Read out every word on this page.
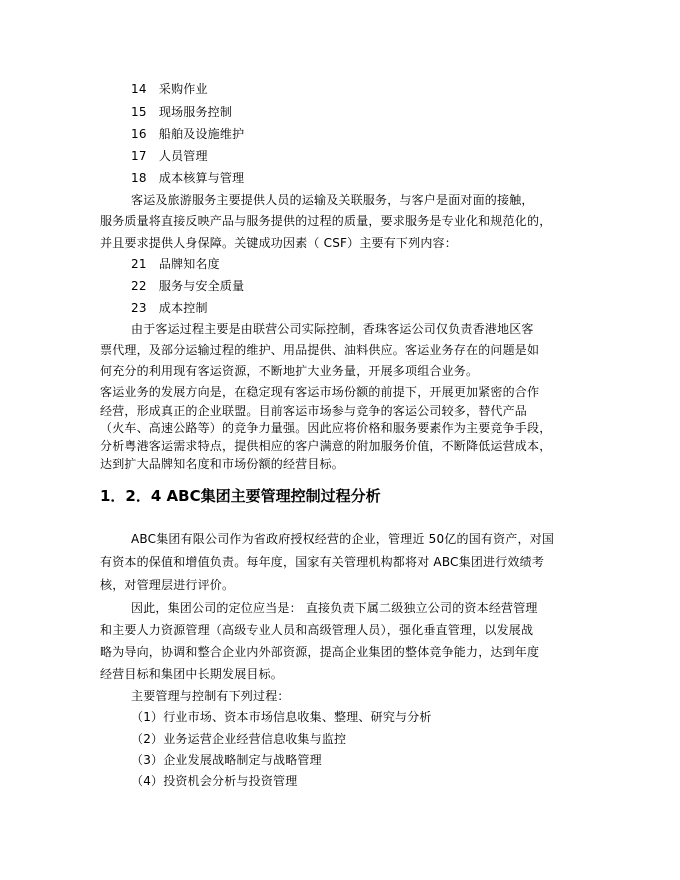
14　采购作业
15　现场服务控制
16　船舶及设施维护
17　人员管理
18　成本核算与管理
客运及旅游服务主要提供人员的运输及关联服务，与客户是面对面的接触，
服务质量将直接反映产品与服务提供的过程的质量，要求服务是专业化和规范化的，
并且要求提供人身保障。关键成功因素（ CSF）主要有下列内容：
21　品牌知名度
22　服务与安全质量
23　成本控制
由于客运过程主要是由联营公司实际控制，香珠客运公司仅负责香港地区客
票代理，及部分运输过程的维护、用品提供、油料供应。客运业务存在的问题是如
何充分的利用现有客运资源，不断地扩大业务量，开展多项组合业务。
客运业务的发展方向是，在稳定现有客运市场份额的前提下，开展更加紧密的合作
经营，形成真正的企业联盟。目前客运市场参与竞争的客运公司较多，替代产品
（火车、高速公路等）的竞争力量强。因此应将价格和服务要素作为主要竞争手段，
分析粤港客运需求特点，提供相应的客户满意的附加服务价值，不断降低运营成本，
达到扩大品牌知名度和市场份额的经营目标。
1．2．4 ABC集团主要管理控制过程分析
ABC集团有限公司作为省政府授权经营的企业，管理近 50亿的国有资产，对国
有资本的保值和增值负责。每年度，国家有关管理机构都将对 ABC集团进行效绩考
核，对管理层进行评价。
因此，集团公司的定位应当是： 直接负责下属二级独立公司的资本经营管理
和主要人力资源管理（高级专业人员和高级管理人员），强化垂直管理，以发展战
略为导向，协调和整合企业内外部资源，提高企业集团的整体竞争能力，达到年度
经营目标和集团中长期发展目标。
主要管理与控制有下列过程：
（1）行业市场、资本市场信息收集、整理、研究与分析
（2）业务运营企业经营信息收集与监控
（3）企业发展战略制定与战略管理
（4）投资机会分析与投资管理
